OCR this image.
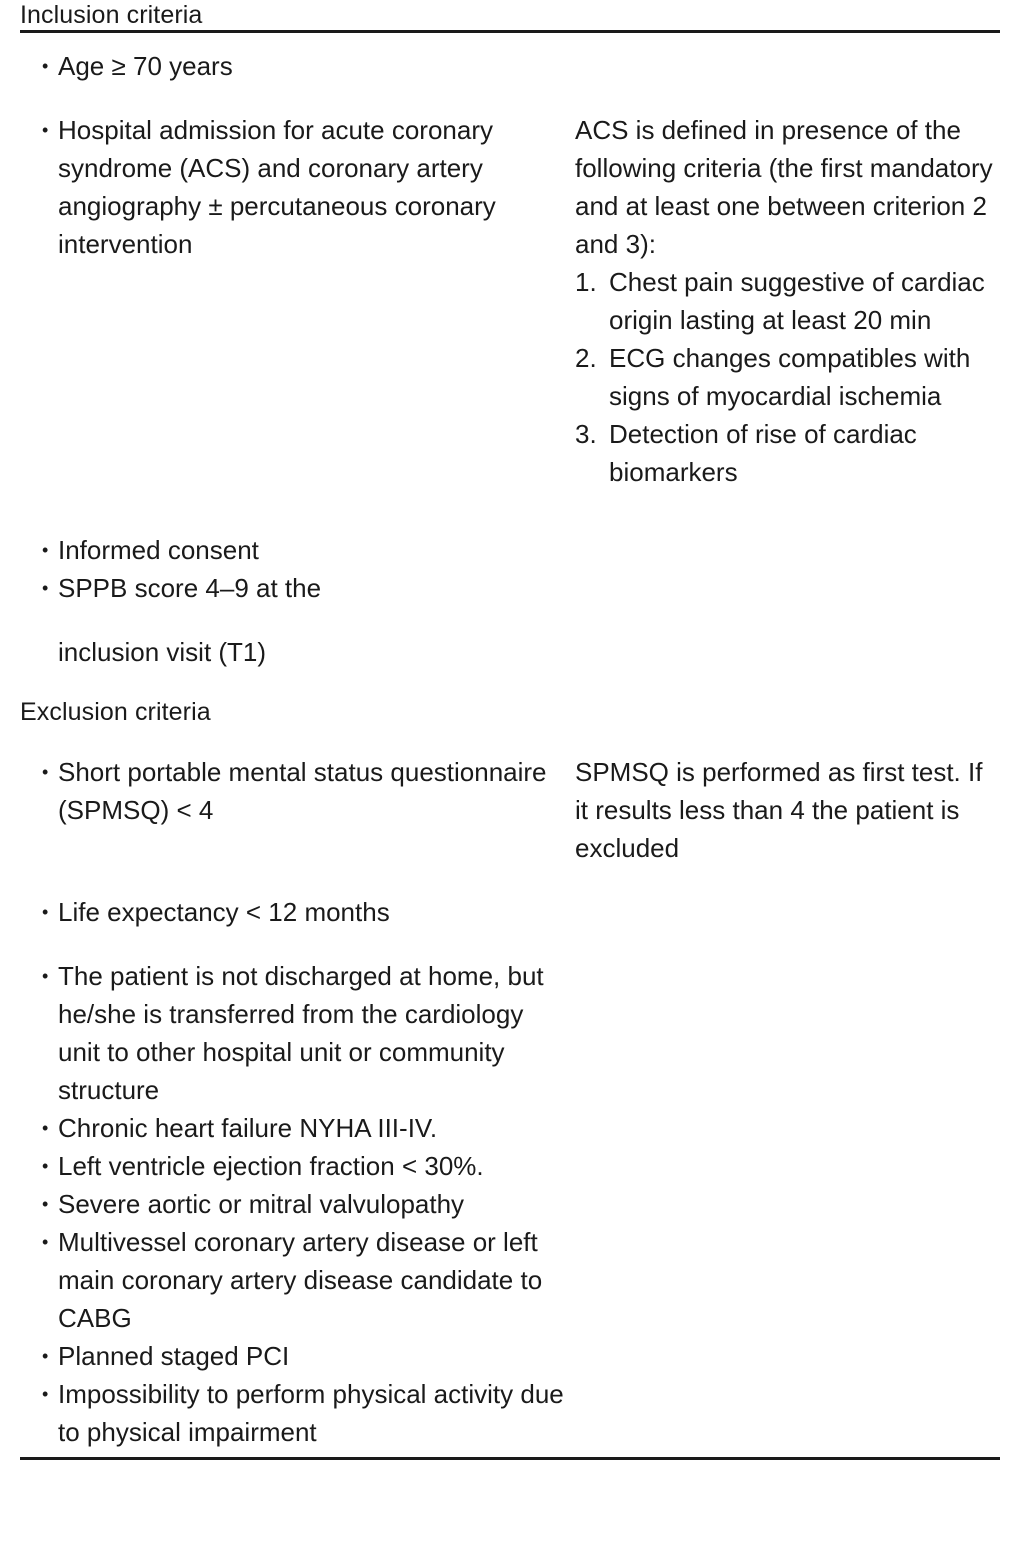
Inclusion criteria
• Age ≥ 70 years
• Hospital admission for acute coronary syndrome (ACS) and coronary artery angiography ± percutaneous coronary intervention
ACS is defined in presence of the following criteria (the first mandatory and at least one between criterion 2 and 3):
1. Chest pain suggestive of cardiac origin lasting at least 20 min
2. ECG changes compatibles with signs of myocardial ischemia
3. Detection of rise of cardiac biomarkers
• Informed consent
• SPPB score 4–9 at the
inclusion visit (T1)
Exclusion criteria
• Short portable mental status questionnaire (SPMSQ) < 4
SPMSQ is performed as first test. If it results less than 4 the patient is excluded
• Life expectancy < 12 months
• The patient is not discharged at home, but he/she is transferred from the cardiology unit to other hospital unit or community structure
• Chronic heart failure NYHA III-IV.
• Left ventricle ejection fraction < 30%.
• Severe aortic or mitral valvulopathy
• Multivessel coronary artery disease or left main coronary artery disease candidate to CABG
• Planned staged PCI
• Impossibility to perform physical activity due to physical impairment
